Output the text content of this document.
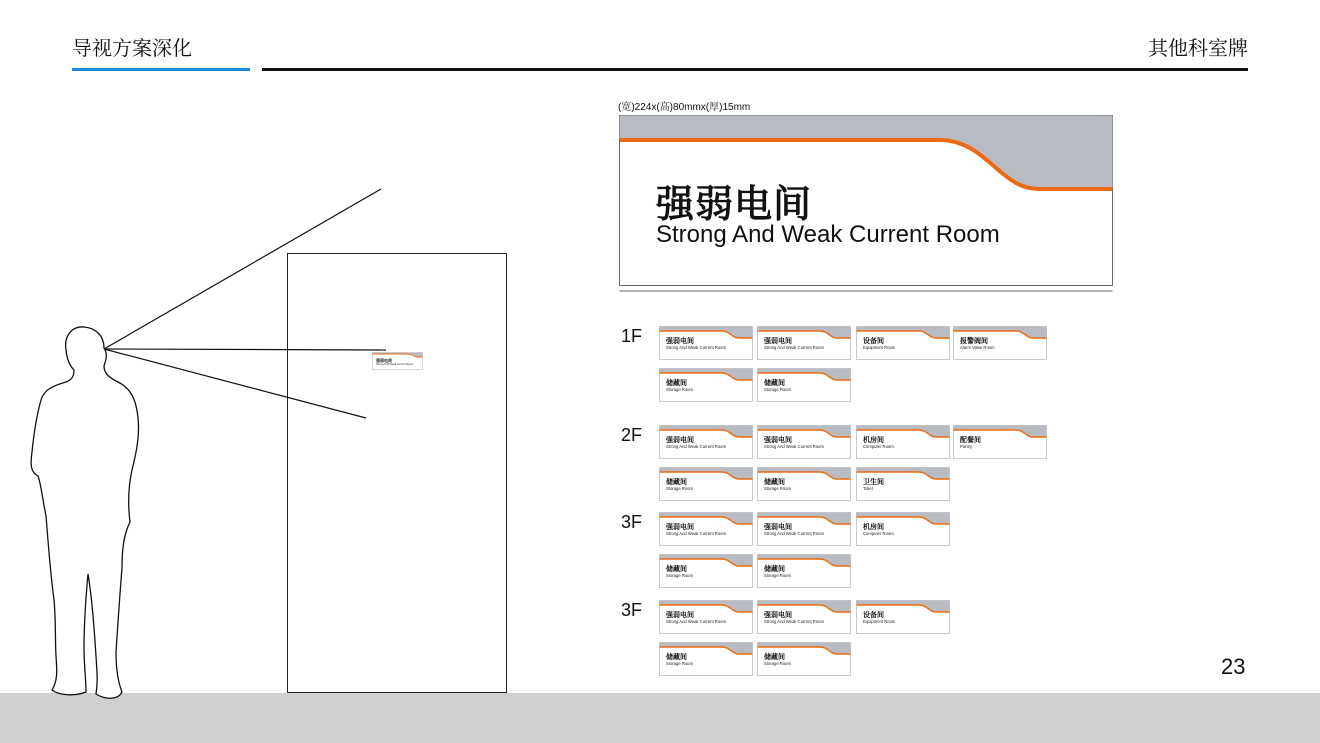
导视方案深化	其他科室牌
强弱电间
Strong And Weak Current Room
(宽)224x(高)80mmx(厚)15mm
强弱电间
Strong And Weak Current Room
1F	强弱电间
Strong And Weak Current Room
强弱电间
Strong And Weak Current Room
设备间
Equipment Room
报警阀间
Alarm Valve Room
储藏间
Storage Room
储藏间
Storage Room
2F	强弱电间
Strong And Weak Current Room
强弱电间
Strong And Weak Current Room
机房间
Computer Room
配餐间
Pantry
储藏间
Storage Room
储藏间
Storage Room
卫生间
Toilet
3F	强弱电间
Strong And Weak Current Room
强弱电间
Strong And Weak Current Room
机房间
Computer Room
储藏间
Storage Room
储藏间
Storage Room
3F	强弱电间
Strong And Weak Current Room
强弱电间
Strong And Weak Current Room
设备间
Equipment Room
储藏间
Storage Room
储藏间
Storage Room	23
